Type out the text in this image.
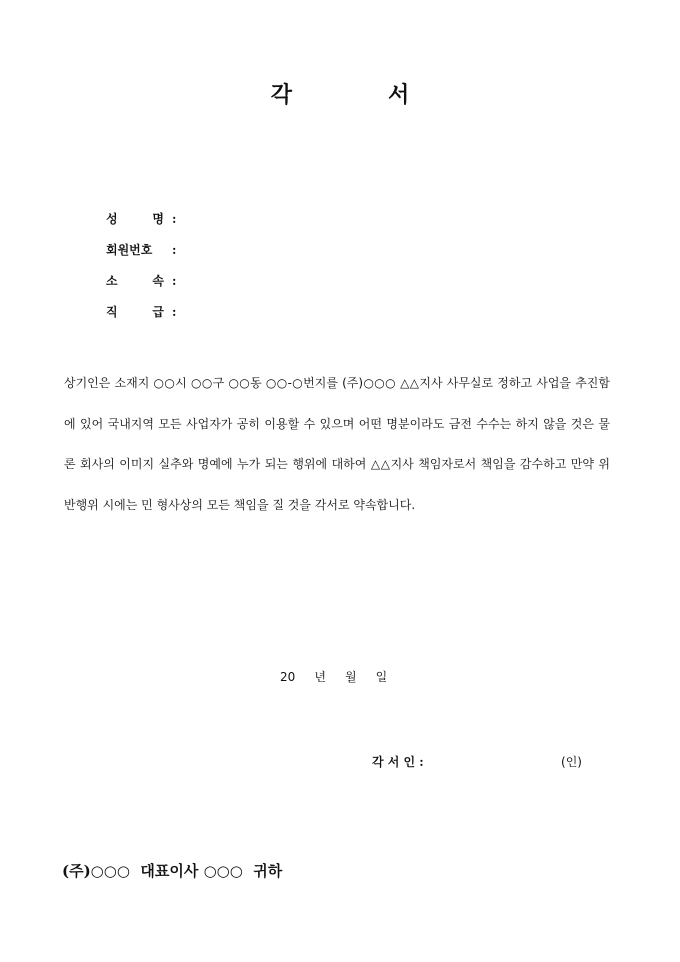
각	서
성	명 :
회원번호 :
소	속 :
직	급 :

상기인은 소재지 ○○시 ○○구 ○○동 ○○-○번지를 (주)○○○ △△지사 사무실로 정하고 사업을 추진함에 있어 국내지역 모든 사업자가 공히 이용할 수 있으며 어떤 명분이라도 금전 수수는 하지 않을 것은 물론 회사의 이미지 실추와 명예에 누가 되는 행위에 대하여 △△지사 책임자로서 책임을 감수하고 만약 위반행위 시에는 민 형사상의 모든 책임을 질 것을 각서로 약속합니다.

20     년     월     일
각 서 인 :	(인)
(주)○○○  대표이사 ○○○  귀하
